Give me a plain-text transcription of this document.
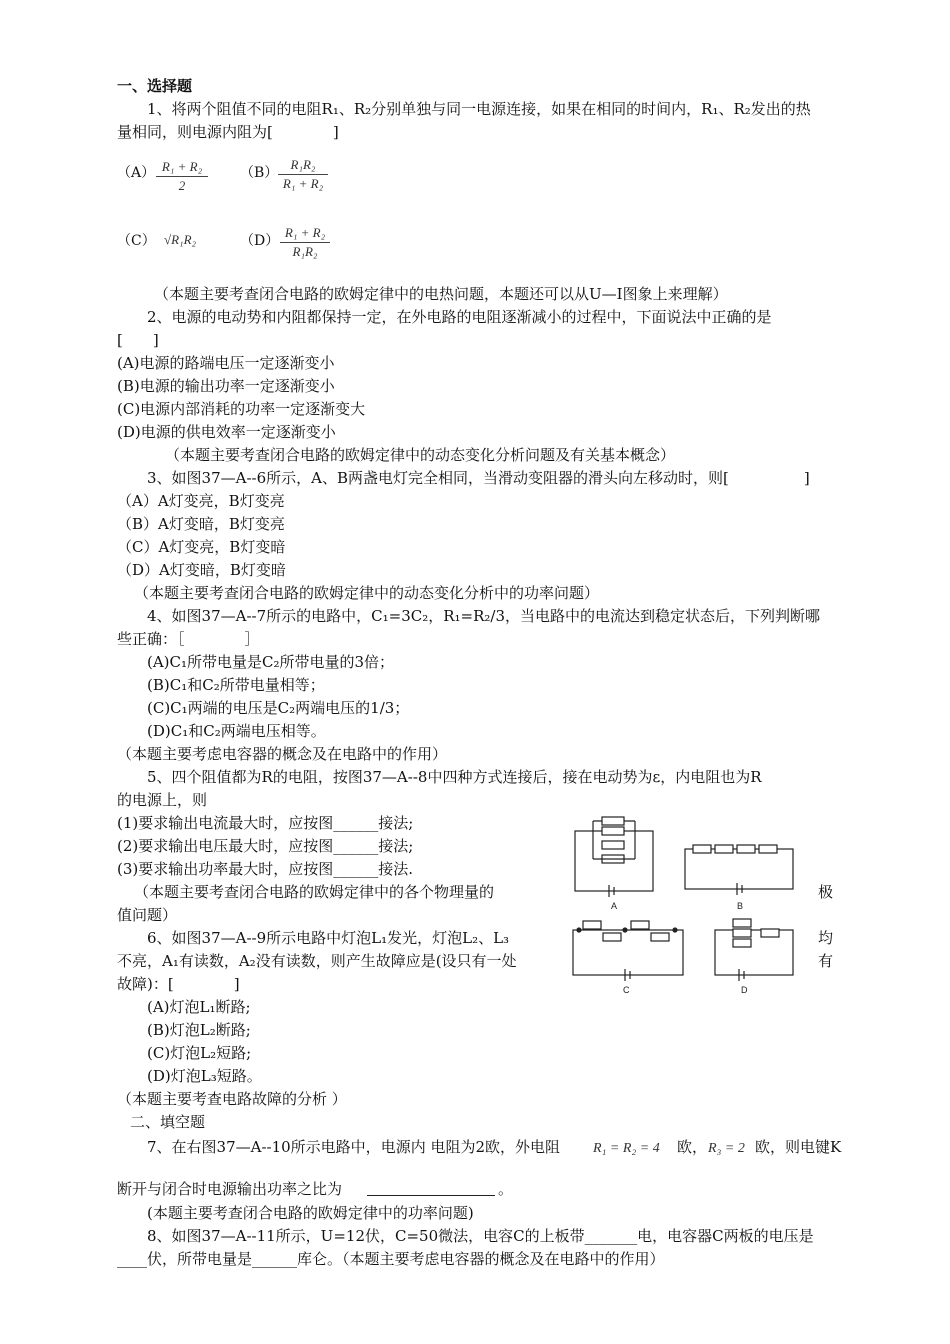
一、选择题
1、将两个阻值不同的电阻R₁、R₂分别单独与同一电源连接，如果在相同的时间内，R₁、R₂发出的热
量相同，则电源内阻为[　　　　]
（A） R₁ + R₂
2
（B）
R₁R₂
R₁ + R₂
（C） √R₁R₂	（D）
R₁ + R₂
R₁R₂
（本题主要考查闭合电路的欧姆定律中的电热问题，本题还可以从U—I图象上来理解）
2、电源的电动势和内阻都保持一定，在外电路的电阻逐渐减小的过程中，下面说法中正确的是
[　　]
(A)电源的路端电压一定逐渐变小
(B)电源的输出功率一定逐渐变小
(C)电源内部消耗的功率一定逐渐变大
(D)电源的供电效率一定逐渐变小
（本题主要考查闭合电路的欧姆定律中的动态变化分析问题及有关基本概念）
3、如图37—A--6所示，A、B两盏电灯完全相同，当滑动变阻器的滑头向左移动时，则[　　　　　]
（A）A灯变亮，B灯变亮
（B）A灯变暗，B灯变亮
（C）A灯变亮，B灯变暗
（D）A灯变暗，B灯变暗
（本题主要考查闭合电路的欧姆定律中的动态变化分析中的功率问题）
4、如图37—A--7所示的电路中，C₁=3C₂，R₁=R₂/3，当电路中的电流达到稳定状态后，下列判断哪
些正确：［　　　　］
(A)C₁所带电量是C₂所带电量的3倍；
(B)C₁和C₂所带电量相等；
(C)C₁两端的电压是C₂两端电压的1/3；
(D)C₁和C₂两端电压相等。
（本题主要考虑电容器的概念及在电路中的作用）
5、四个阻值都为R的电阻，按图37—A--8中四种方式连接后，接在电动势为ε，内电阻也为R
的电源上，则
(1)要求输出电流最大时，应按图______接法;
(2)要求输出电压最大时，应按图______接法;
(3)要求输出功率最大时，应按图______接法.
（本题主要考查闭合电路的欧姆定律中的各个物理量的	极
值问题）
6、如图37—A--9所示电路中灯泡L₁发光，灯泡L₂、L₃	均
不亮，A₁有读数，A₂没有读数，则产生故障应是(设只有一处	有
故障)：[　　　　]
(A)灯泡L₁断路;
(B)灯泡L₂断路;
(C)灯泡L₂短路;
(D)灯泡L₃短路。
（本题主要考查电路故障的分析 ）
二、填空题
7、在右图37—A--10所示电路中，电源内 电阻为2欧，外电阻 R₁ = R₂ = 4 欧， R₃ = 2 欧，则电键K
断开与闭合时电源输出功率之比为	。
(本题主要考查闭合电路的欧姆定律中的功率问题)
8、如图37—A--11所示，U=12伏，C=50微法，电容C的上板带_______电，电容器C两板的电压是
____伏，所带电量是______库仑。（本题主要考虑电容器的概念及在电路中的作用）
A	B
C	D
